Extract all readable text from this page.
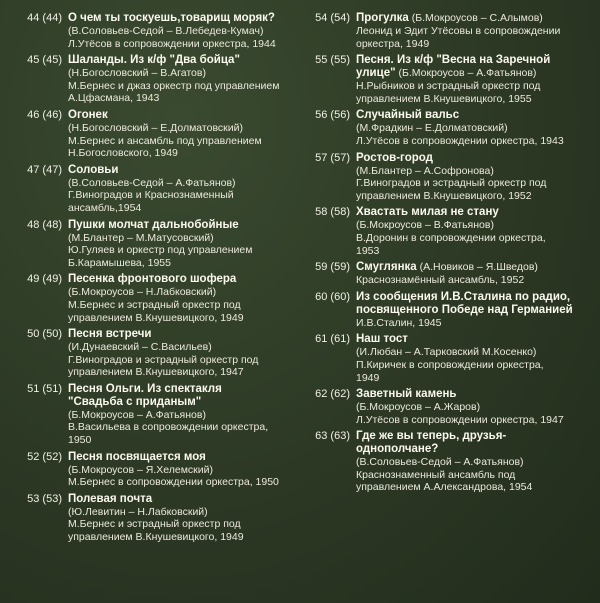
44 (44) О чем ты тоскуешь,товарищ моряк?
(В.Соловьев-Седой – В.Лебедев-Кумач)
Л.Утёсов в сопровождении оркестра, 1944
45 (45) Шаланды. Из к/ф "Два бойца"
(Н.Богословский – В.Агатов)
М.Бернес и джаз оркестр под управлением
А.Цфасмана, 1943
46 (46) Огонек
(Н.Богословский – Е.Долматовский)
М.Бернес и ансамбль под управлением
Н.Богословского, 1949
47 (47) Соловьи
(В.Соловьев-Седой – А.Фатьянов)
Г.Виноградов и Краснознаменный
ансамбль,1954
48 (48) Пушки молчат дальнобойные
(М.Блантер – М.Матусовский)
Ю.Гуляев и оркестр под управлением
Б.Карамышева, 1955
49 (49) Песенка фронтового шофера
(Б.Мокроусов – Н.Лабковский)
М.Бернес и эстрадный оркестр под
управлением В.Кнушевицкого, 1949
50 (50) Песня встречи
(И.Дунаевский – С.Васильев)
Г.Виноградов и эстрадный оркестр под
управлением В.Кнушевицкого, 1947
51 (51) Песня Ольги. Из спектакля
"Свадьба с приданым"
(Б.Мокроусов – А.Фатьянов)
В.Васильева в сопровождении оркестра,
1950
52 (52) Песня посвящается моя
(Б.Мокроусов – Я.Хелемский)
М.Бернес в сопровождении оркестра, 1950
53 (53) Полевая почта
(Ю.Левитин – Н.Лабковский)
М.Бернес и эстрадный оркестр под
управлением В.Кнушевицкого, 1949
54 (54) Прогулка (Б.Мокроусов – С.Алымов)
Леонид и Эдит Утёсовы в сопровождении
оркестра, 1949
55 (55) Песня. Из к/ф "Весна на Заречной
улице" (Б.Мокроусов – А.Фатьянов)
Н.Рыбников и эстрадный оркестр под
управлением В.Кнушевицкого, 1955
56 (56) Случайный вальс
(М.Фрадкин – Е.Долматовский)
Л.Утёсов в сопровождении оркестра, 1943
57 (57) Ростов-город
(М.Блантер – А.Софронова)
Г.Виноградов и эстрадный оркестр под
управлением В.Кнушевицкого, 1952
58 (58) Хвастать милая не стану
(Б.Мокроусов – В.Фатьянов)
В.Доронин в сопровождении оркестра,
1953
59 (59) Смуглянка (А.Новиков – Я.Шведов)
Краснознамённый ансамбль, 1952
60 (60) Из сообщения И.В.Сталина по радио,
посвященного Победе над Германией
И.В.Сталин, 1945
61 (61) Наш тост
(И.Любан – А.Тарковский М.Косенко)
П.Киричек в сопровождении оркестра,
1949
62 (62) Заветный камень
(Б.Мокроусов – А.Жаров)
Л.Утёсов в сопровождении оркестра, 1947
63 (63) Где же вы теперь, друзья-
однополчане?
(В.Соловьев-Седой – А.Фатьянов)
Краснознаменный ансамбль под
управлением А.Александрова, 1954
